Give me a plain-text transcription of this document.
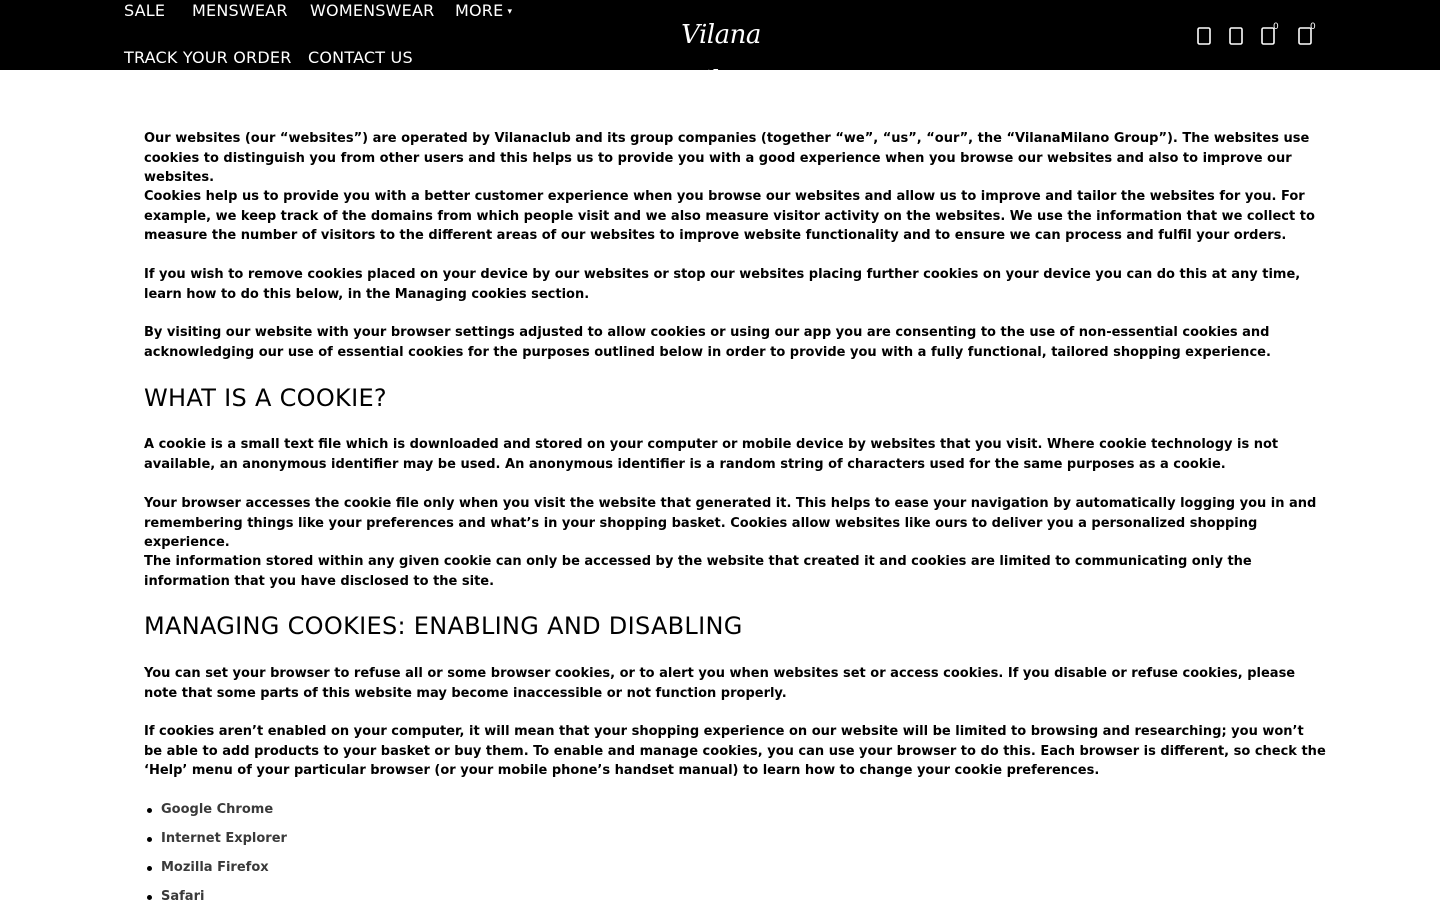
SALE MENSWEAR WOMENSWEAR MORE ▾
TRACK YOUR ORDER CONTACT US
Vilana Milano
0	0

Our websites (our “websites”) are operated by Vilanaclub and its group companies (together “we”, “us”, “our”, the “VilanaMilano Group”). The websites use cookies to distinguish you from other users and this helps us to provide you with a good experience when you browse our websites and also to improve our websites.

Cookies help us to provide you with a better customer experience when you browse our websites and allow us to improve and tailor the websites for you. For example, we keep track of the domains from which people visit and we also measure visitor activity on the websites. We use the information that we collect to measure the number of visitors to the different areas of our websites to improve website functionality and to ensure we can process and fulfil your orders.

If you wish to remove cookies placed on your device by our websites or stop our websites placing further cookies on your device you can do this at any time, learn how to do this below, in the Managing cookies section.

By visiting our website with your browser settings adjusted to allow cookies or using our app you are consenting to the use of non-essential cookies and acknowledging our use of essential cookies for the purposes outlined below in order to provide you with a fully functional, tailored shopping experience.

WHAT IS A COOKIE?

A cookie is a small text file which is downloaded and stored on your computer or mobile device by websites that you visit. Where cookie technology is not available, an anonymous identifier may be used. An anonymous identifier is a random string of characters used for the same purposes as a cookie.

Your browser accesses the cookie file only when you visit the website that generated it. This helps to ease your navigation by automatically logging you in and remembering things like your preferences and what’s in your shopping basket. Cookies allow websites like ours to deliver you a personalized shopping experience.

The information stored within any given cookie can only be accessed by the website that created it and cookies are limited to communicating only the information that you have disclosed to the site.

MANAGING COOKIES: ENABLING AND DISABLING

You can set your browser to refuse all or some browser cookies, or to alert you when websites set or access cookies. If you disable or refuse cookies, please note that some parts of this website may become inaccessible or not function properly.

If cookies aren’t enabled on your computer, it will mean that your shopping experience on our website will be limited to browsing and researching; you won’t be able to add products to your basket or buy them. To enable and manage cookies, you can use your browser to do this. Each browser is different, so check the ‘Help’ menu of your particular browser (or your mobile phone’s handset manual) to learn how to change your cookie preferences.

Google Chrome
Internet Explorer
Mozilla Firefox
Safari
